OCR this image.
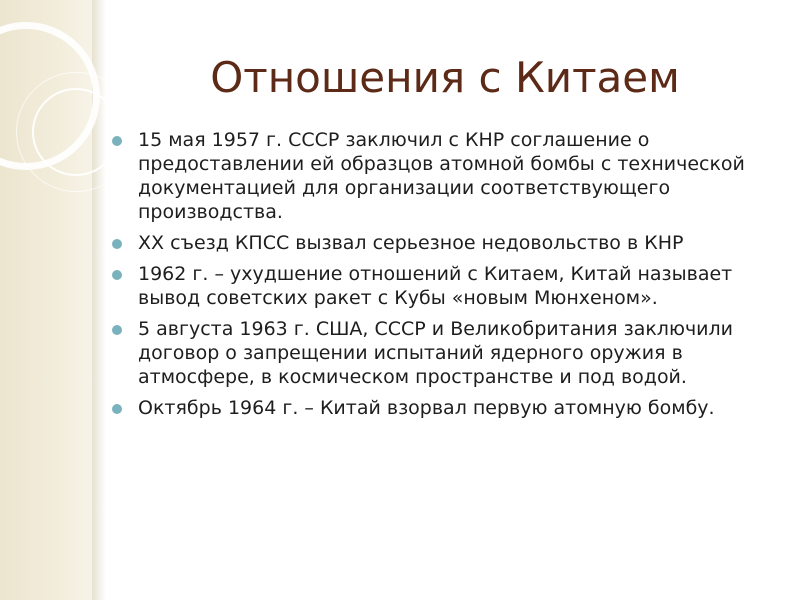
Отношения с Китаем
15 мая 1957 г. СССР заключил с КНР соглашение о предоставлении ей образцов атомной бомбы с технической документацией для организации соответствующего производства.
XX съезд КПСС вызвал серьезное недовольство в КНР
1962 г. – ухудшение отношений с Китаем, Китай называет вывод советских ракет с Кубы «новым Мюнхеном».
5 августа 1963 г. США, СССР и Великобритания заключили договор о запрещении испытаний ядерного оружия в атмосфере, в космическом пространстве и под водой.
Октябрь 1964 г. – Китай взорвал первую атомную бомбу.
